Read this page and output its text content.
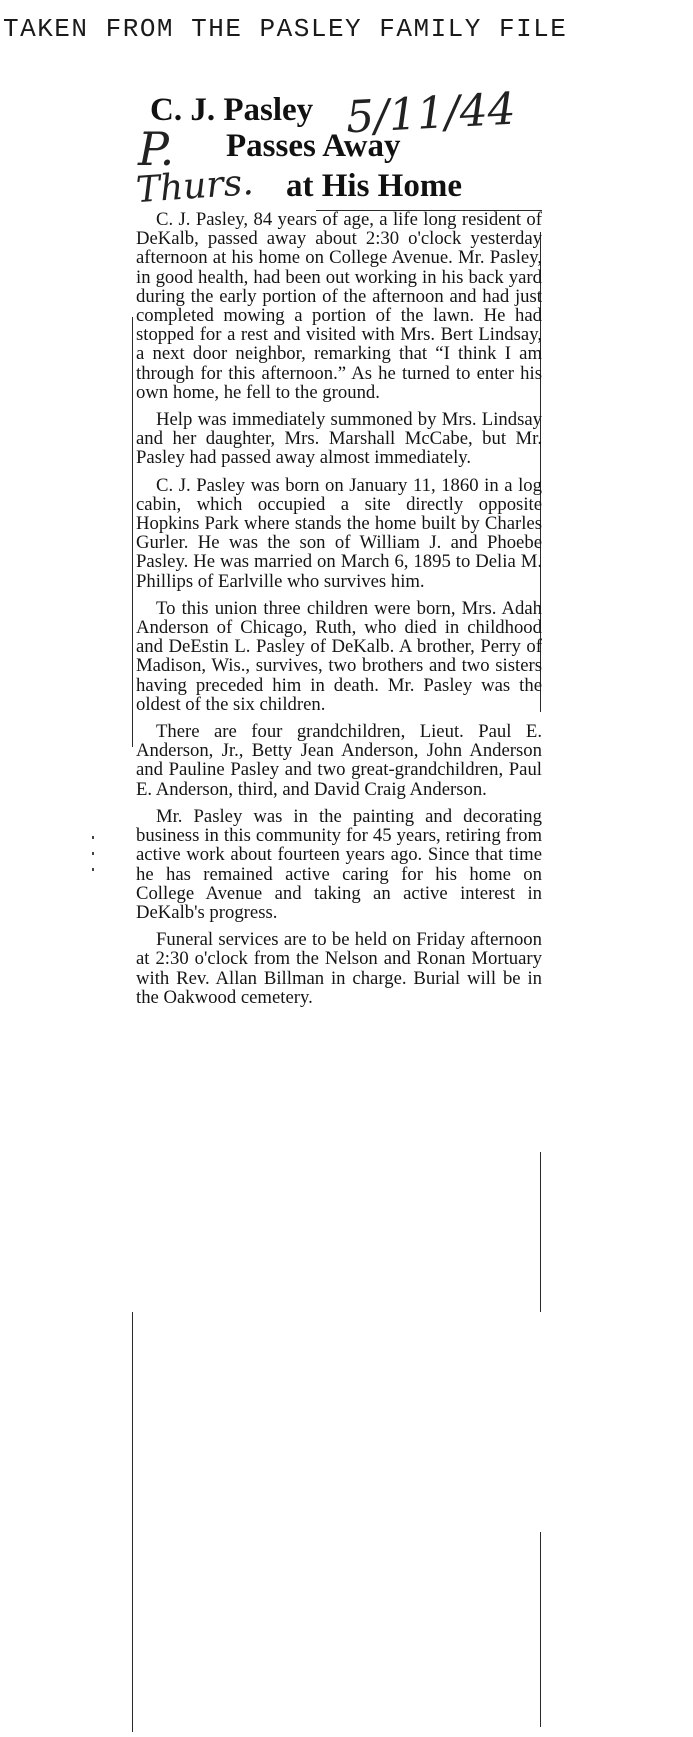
TAKEN FROM THE PASLEY FAMILY FILE
C. J. Pasley
Passes Away
at His Home
5/11/44
P.
Thurs.

C. J. Pasley, 84 years of age, a life long resident of DeKalb, passed away about 2:30 o'clock yesterday afternoon at his home on College Avenue. Mr. Pasley, in good health, had been out working in his back yard during the early portion of the afternoon and had just completed mowing a portion of the lawn. He had stopped for a rest and visited with Mrs. Bert Lindsay, a next door neighbor, remarking that “I think I am through for this afternoon.” As he turned to enter his own home, he fell to the ground.

Help was immediately summoned by Mrs. Lindsay and her daughter, Mrs. Marshall McCabe, but Mr. Pasley had passed away almost immediately.

C. J. Pasley was born on January 11, 1860 in a log cabin, which occupied a site directly opposite Hopkins Park where stands the home built by Charles Gurler. He was the son of William J. and Phoebe Pasley. He was married on March 6, 1895 to Delia M. Phillips of Earlville who survives him.

To this union three children were born, Mrs. Adah Anderson of Chicago, Ruth, who died in childhood and DeEstin L. Pasley of DeKalb. A brother, Perry of Madison, Wis., survives, two brothers and two sisters having preceded him in death. Mr. Pasley was the oldest of the six children.

There are four grandchildren, Lieut. Paul E. Anderson, Jr., Betty Jean Anderson, John Anderson and Pauline Pasley and two great-grandchildren, Paul E. Anderson, third, and David Craig Anderson.

Mr. Pasley was in the painting and decorating business in this community for 45 years, retiring from active work about fourteen years ago. Since that time he has remained active caring for his home on College Avenue and taking an active interest in DeKalb's progress.

Funeral services are to be held on Friday afternoon at 2:30 o'clock from the Nelson and Ronan Mortuary with Rev. Allan Billman in charge. Burial will be in the Oakwood cemetery.
